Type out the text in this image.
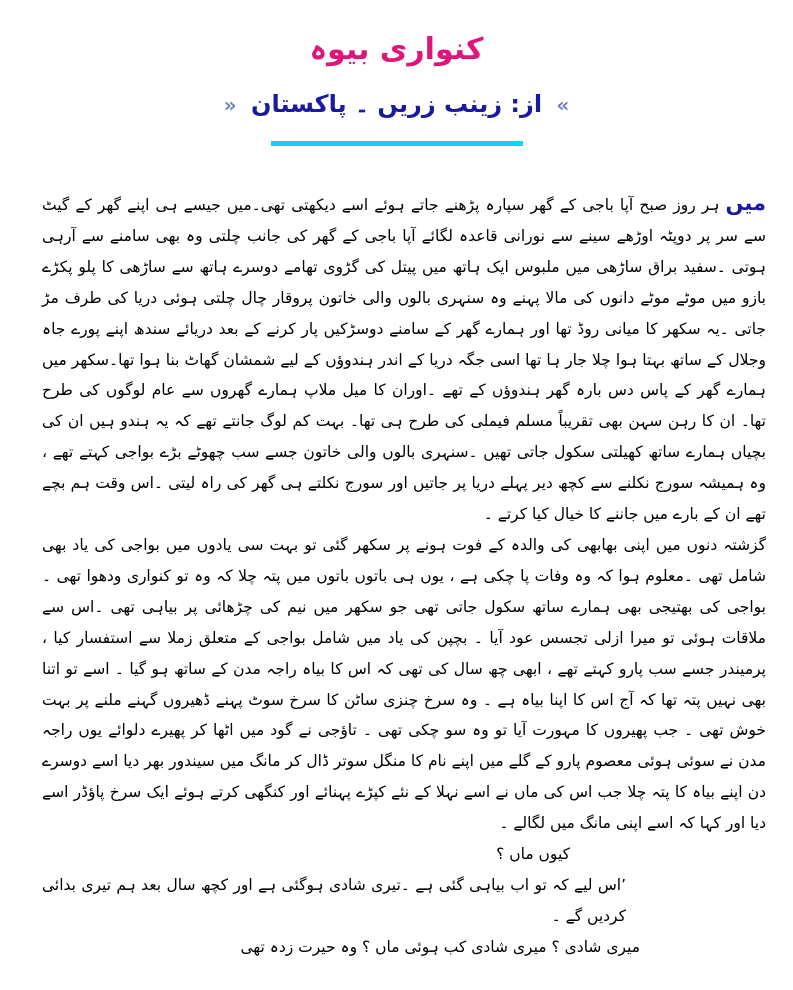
کنواری بیوہ
» از: زینب زریں ۔ پاکستان «

میں ہر روز صبح آپا باجی کے گھر سپارہ پڑھنے جاتے ہوئے اسے دیکھتی تھی۔میں جیسے ہی اپنے گھر کے گیٹ سے سر پر دوپٹہ اوڑھے سینے سے نورانی قاعدہ لگائے آپا باجی کے گھر کی جانب چلتی وہ بھی سامنے سے آرہی ہوتی ۔سفید براق ساڑھی میں ملبوس ایک ہاتھ میں پیتل کی گڑوی تھامے دوسرے ہاتھ سے ساڑھی کا پلو پکڑے بازو میں موٹے موٹے دانوں کی مالا پہنے وہ سنہری بالوں والی خاتون پروقار چال چلتی ہوئی دریا کی طرف مڑ جاتی ۔یہ سکھر کا میانی روڈ تھا اور ہمارے گھر کے سامنے دوسڑکیں پار کرنے کے بعد دریائے سندھ اپنے پورے جاہ وجلال کے ساتھ بہتا ہوا چلا جار ہا تھا اسی جگہ دریا کے اندر ہندوؤں کے لیے شمشان گھاٹ بنا ہوا تھا۔سکھر میں ہمارے گھر کے پاس دس بارہ گھر ہندوؤں کے تھے ۔اوران کا میل ملاپ ہمارے گھروں سے عام لوگوں کی طرح تھا۔ ان کا رہن سہن بھی تقریباً مسلم فیملی کی طرح ہی تھا۔ بہت کم لوگ جانتے تھے کہ یہ ہندو ہیں ان کی بچیاں ہمارے ساتھ کھیلتی سکول جاتی تھیں ۔سنہری بالوں والی خاتون جسے سب چھوٹے بڑے بواجی کہتے تھے ، وہ ہمیشہ سورج نکلنے سے کچھ دیر پہلے دریا پر جاتیں اور سورج نکلتے ہی گھر کی راہ لیتی ۔اس وقت ہم بچے تھے ان کے بارے میں جاننے کا خیال کیا کرتے ۔

گزشتہ دنوں میں اپنی بھابھی کی والدہ کے فوت ہونے پر سکھر گئی تو بہت سی یادوں میں بواجی کی یاد بھی شامل تھی ۔معلوم ہوا کہ وہ وفات پا چکی ہے ، یوں ہی باتوں باتوں میں پتہ چلا کہ وہ تو کنواری ودھوا تھی ۔بواجی کی بھتیجی بھی ہمارے ساتھ سکول جاتی تھی جو سکھر میں نیم کی چڑھائی پر بیاہی تھی ۔اس سے ملاقات ہوئی تو میرا ازلی تجسس عود آیا ۔ بچپن کی یاد میں شامل بواجی کے متعلق زملا سے استفسار کیا ، پرمیندر جسے سب پارو کہتے تھے ، ابھی چھ سال کی تھی کہ اس کا بیاہ راجہ مدن کے ساتھ ہو گیا ۔ اسے تو اتنا بھی نہیں پتہ تھا کہ آج اس کا اپنا بیاہ ہے ۔ وہ سرخ چنزی ساٹن کا سرخ سوٹ پہنے ڈھیروں گہنے ملنے پر بہت خوش تھی ۔ جب پھیروں کا مہورت آیا تو وہ سو چکی تھی ۔ تاؤجی نے گود میں اٹھا کر پھیرے دلوائے یوں راجہ مدن نے سوئی ہوئی معصوم پارو کے گلے میں اپنے نام کا منگل سوتر ڈال کر مانگ میں سیندور بھر دیا اسے دوسرے دن اپنے بیاہ کا پتہ چلا جب اس کی ماں نے اسے نہلا کے نئے کپڑے پہنائے اور کنگھی کرتے ہوئے ایک سرخ پاؤڈر اسے دیا اور کہا کہ اسے اپنی مانگ میں لگالے ۔

کیوں ماں ؟

’اس لیے کہ تو اب بیاہی گئی ہے ۔تیری شادی ہوگئی ہے اور کچھ سال بعد ہم تیری بدائی کردیں گے ۔

میری شادی ؟ میری شادی کب ہوئی ماں ؟ وہ حیرت زدہ تھی
